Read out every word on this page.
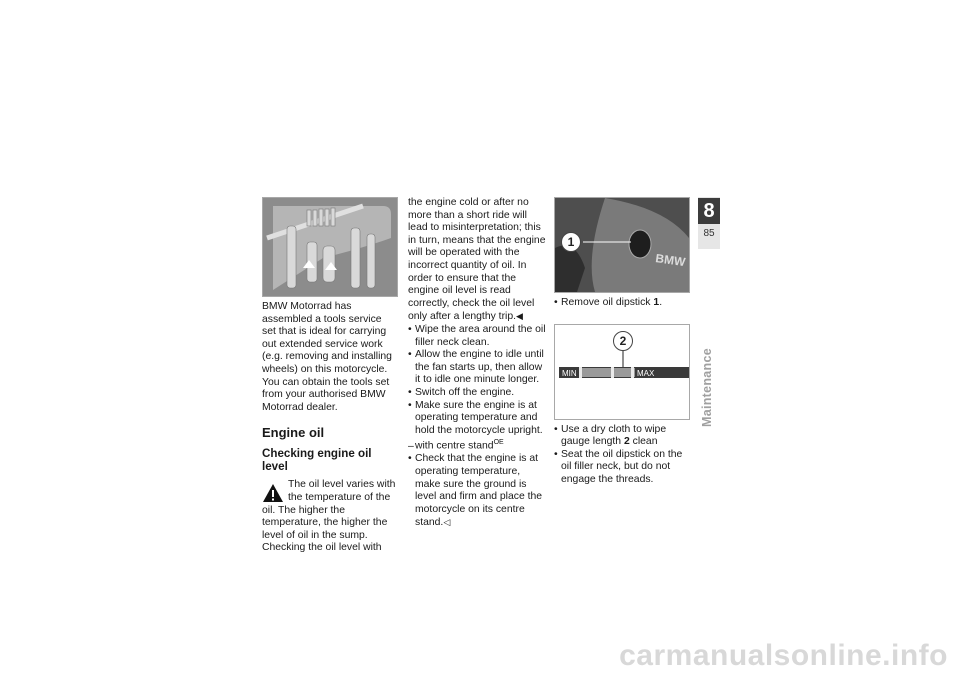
BMW Motorrad has assembled a tools service set that is ideal for carrying out extended service work (e.g. removing and installing wheels) on this motorcycle. You can obtain the tools set from your authorised BMW Motorrad dealer.

Engine oil
Checking engine oil level

The oil level varies with the temperature of the oil. The higher the temperature, the higher the level of oil in the sump. Checking the oil level with

the engine cold or after no more than a short ride will lead to misinterpretation; this in turn, means that the engine will be operated with the incorrect quantity of oil. In order to ensure that the engine oil level is read correctly, check the oil level only after a lengthy trip.◀

• Wipe the area around the oil filler neck clean.

• Allow the engine to idle until the fan starts up, then allow it to idle one minute longer.

• Switch off the engine.

• Make sure the engine is at operating temperature and hold the motorcycle upright.

– with centre stand$^{OE}$

• Check that the engine is at operating temperature, make sure the ground is level and firm and place the motorcycle on its centre stand.◁

BMW
1

• Remove oil dipstick 1.

MIN	MAX
2

• Use a dry cloth to wipe gauge length 2 clean

• Seat the oil dipstick on the oil filler neck, but do not engage the threads.

8
85
Maintenance
carmanualsonline.info
